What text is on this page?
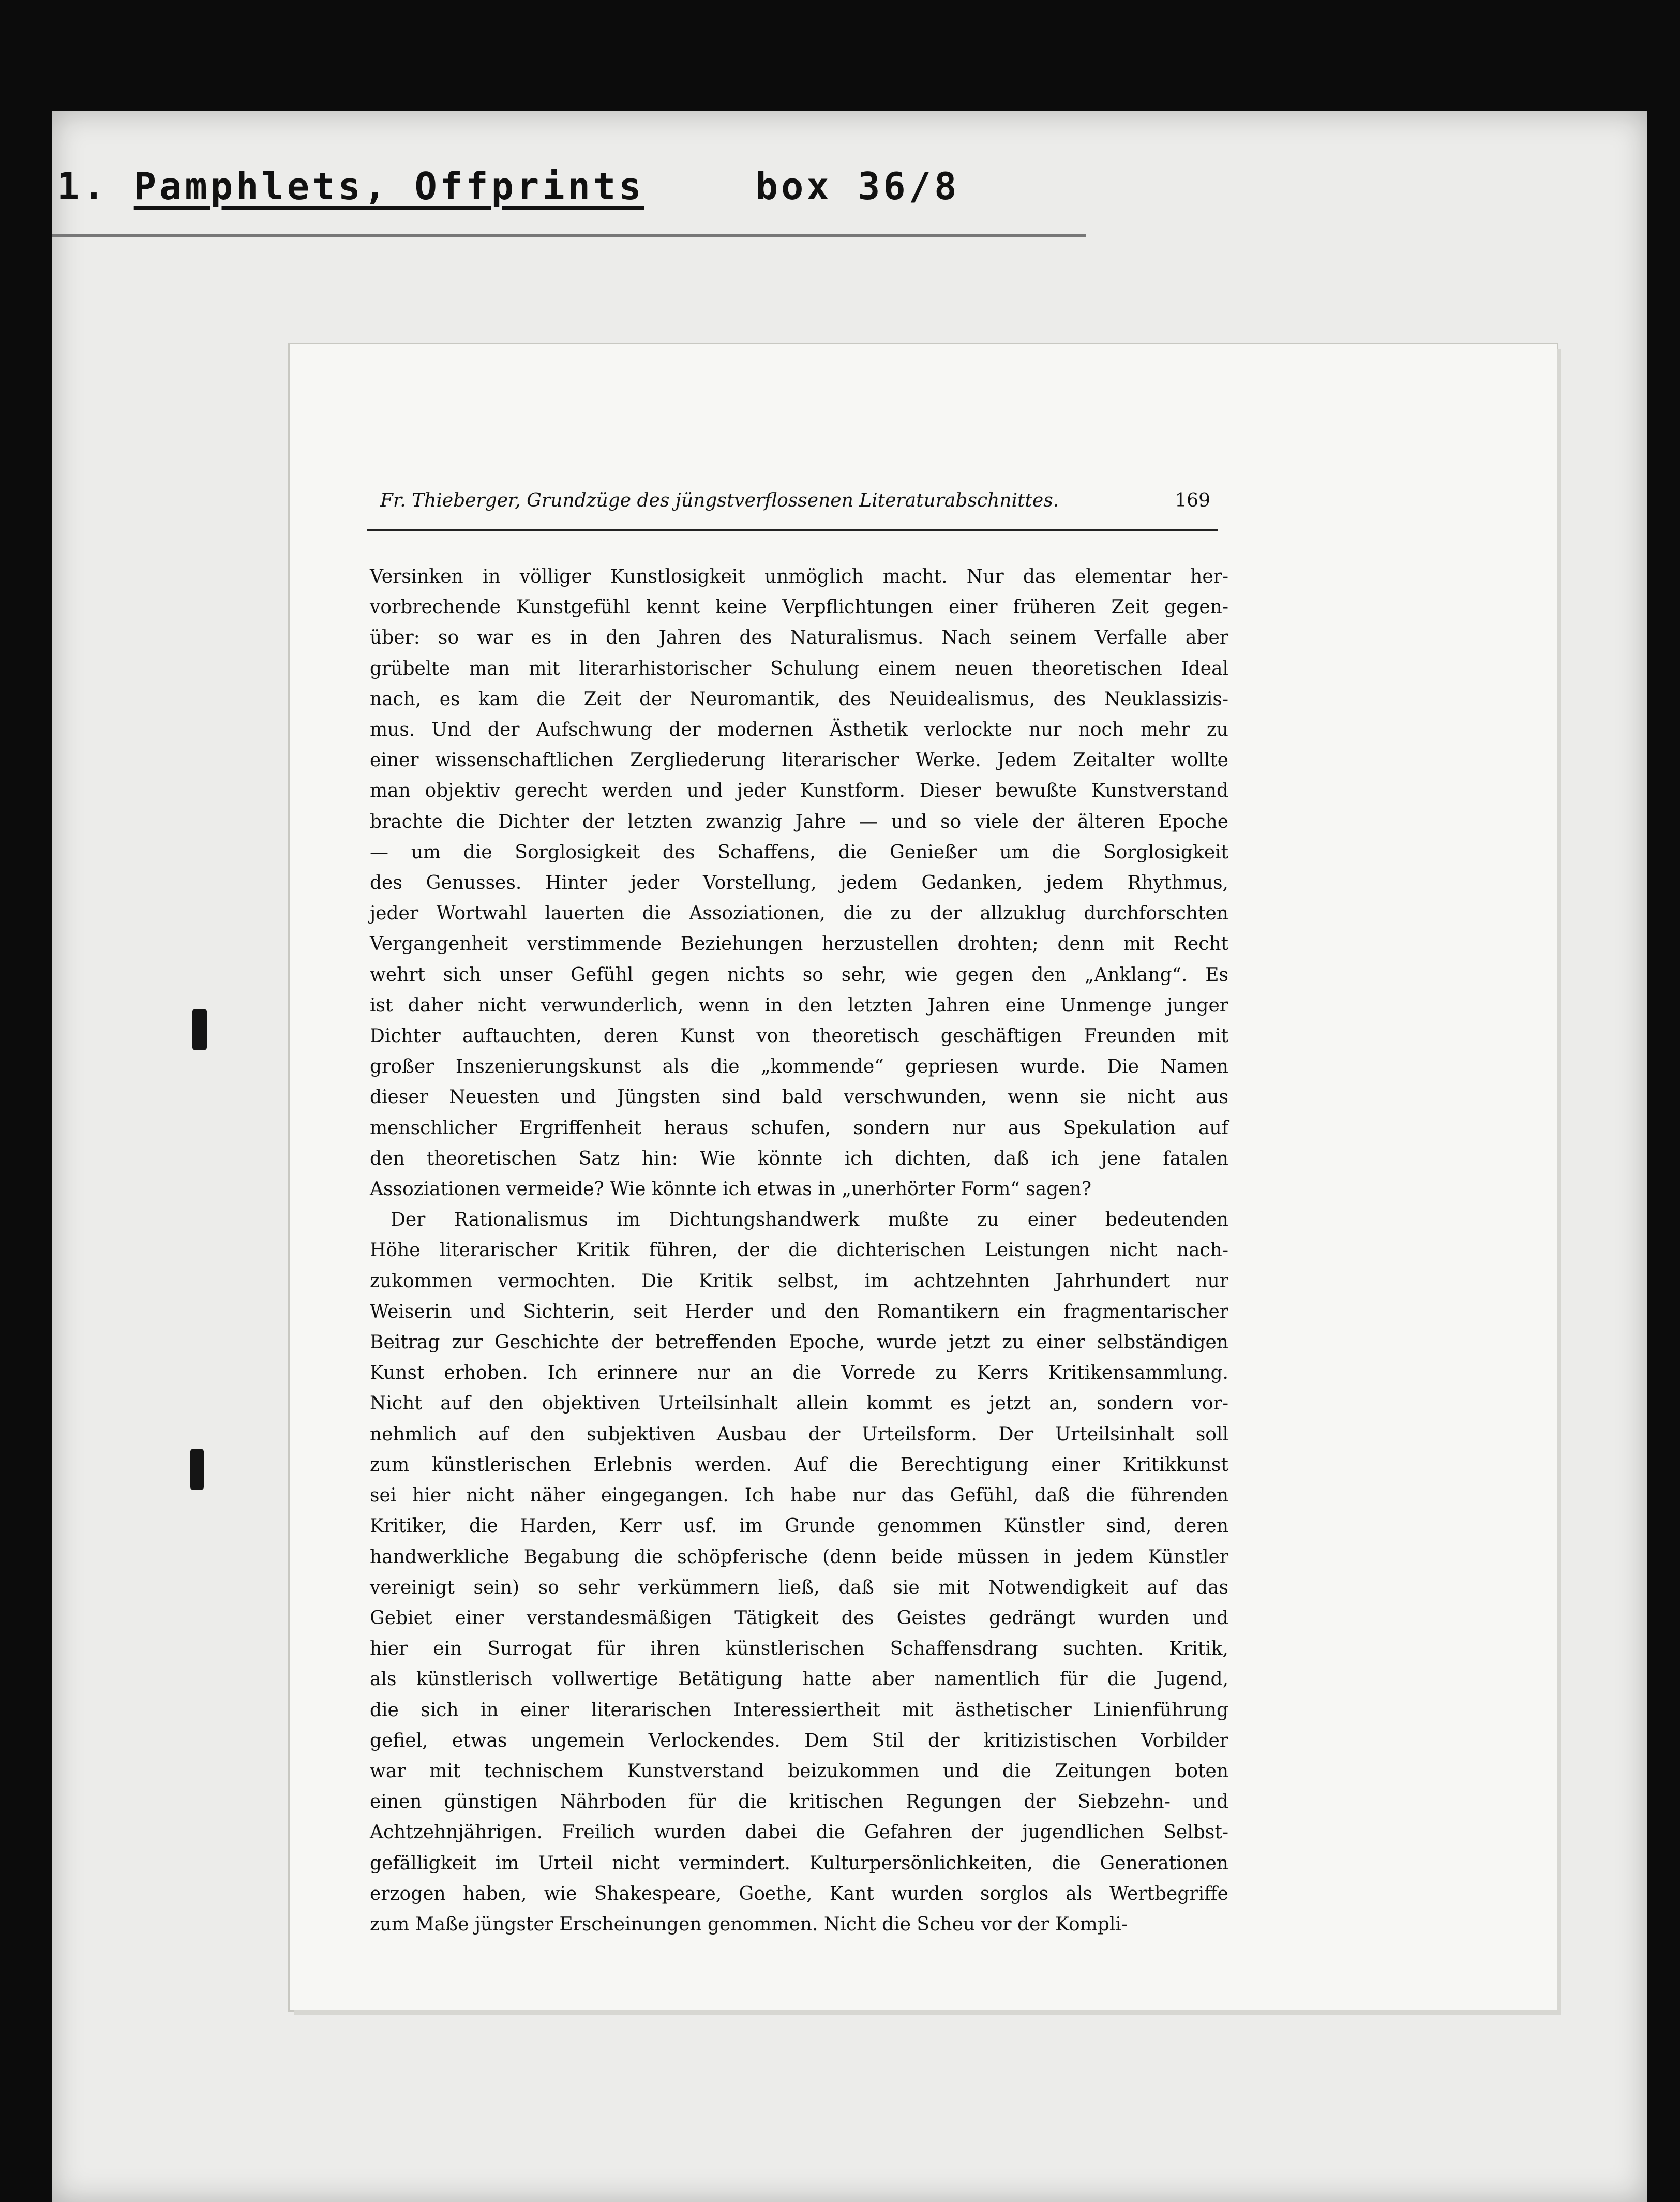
1. Pamphlets, Offprints	box 36/8
Fr. Thieberger, Grundzüge des jüngstverflossenen Literaturabschnittes.	169
Versinken in völliger Kunstlosigkeit unmöglich macht. Nur das elementar her-
vorbrechende Kunstgefühl kennt keine Verpflichtungen einer früheren Zeit gegen-
über: so war es in den Jahren des Naturalismus. Nach seinem Verfalle aber
grübelte man mit literarhistorischer Schulung einem neuen theoretischen Ideal
nach, es kam die Zeit der Neuromantik, des Neuidealismus, des Neuklassizis-
mus. Und der Aufschwung der modernen Ästhetik verlockte nur noch mehr zu
einer wissenschaftlichen Zergliederung literarischer Werke. Jedem Zeitalter wollte
man objektiv gerecht werden und jeder Kunstform. Dieser bewußte Kunstverstand
brachte die Dichter der letzten zwanzig Jahre — und so viele der älteren Epoche
— um die Sorglosigkeit des Schaffens, die Genießer um die Sorglosigkeit
des Genusses. Hinter jeder Vorstellung, jedem Gedanken, jedem Rhythmus,
jeder Wortwahl lauerten die Assoziationen, die zu der allzuklug durchforschten
Vergangenheit verstimmende Beziehungen herzustellen drohten; denn mit Recht
wehrt sich unser Gefühl gegen nichts so sehr, wie gegen den „Anklang“. Es
ist daher nicht verwunderlich, wenn in den letzten Jahren eine Unmenge junger
Dichter auftauchten, deren Kunst von theoretisch geschäftigen Freunden mit
großer Inszenierungskunst als die „kommende“ gepriesen wurde. Die Namen
dieser Neuesten und Jüngsten sind bald verschwunden, wenn sie nicht aus
menschlicher Ergriffenheit heraus schufen, sondern nur aus Spekulation auf
den theoretischen Satz hin: Wie könnte ich dichten, daß ich jene fatalen
Assoziationen vermeide? Wie könnte ich etwas in „unerhörter Form“ sagen?
Der Rationalismus im Dichtungshandwerk mußte zu einer bedeutenden
Höhe literarischer Kritik führen, der die dichterischen Leistungen nicht nach-
zukommen vermochten. Die Kritik selbst, im achtzehnten Jahrhundert nur
Weiserin und Sichterin, seit Herder und den Romantikern ein fragmentarischer
Beitrag zur Geschichte der betreffenden Epoche, wurde jetzt zu einer selbständigen
Kunst erhoben. Ich erinnere nur an die Vorrede zu Kerrs Kritikensammlung.
Nicht auf den objektiven Urteilsinhalt allein kommt es jetzt an, sondern vor-
nehmlich auf den subjektiven Ausbau der Urteilsform. Der Urteilsinhalt soll
zum künstlerischen Erlebnis werden. Auf die Berechtigung einer Kritikkunst
sei hier nicht näher eingegangen. Ich habe nur das Gefühl, daß die führenden
Kritiker, die Harden, Kerr usf. im Grunde genommen Künstler sind, deren
handwerkliche Begabung die schöpferische (denn beide müssen in jedem Künstler
vereinigt sein) so sehr verkümmern ließ, daß sie mit Notwendigkeit auf das
Gebiet einer verstandesmäßigen Tätigkeit des Geistes gedrängt wurden und
hier ein Surrogat für ihren künstlerischen Schaffensdrang suchten. Kritik,
als künstlerisch vollwertige Betätigung hatte aber namentlich für die Jugend,
die sich in einer literarischen Interessiertheit mit ästhetischer Linienführung
gefiel, etwas ungemein Verlockendes. Dem Stil der kritizistischen Vorbilder
war mit technischem Kunstverstand beizukommen und die Zeitungen boten
einen günstigen Nährboden für die kritischen Regungen der Siebzehn- und
Achtzehnjährigen. Freilich wurden dabei die Gefahren der jugendlichen Selbst-
gefälligkeit im Urteil nicht vermindert. Kulturpersönlichkeiten, die Generationen
erzogen haben, wie Shakespeare, Goethe, Kant wurden sorglos als Wertbegriffe
zum Maße jüngster Erscheinungen genommen. Nicht die Scheu vor der Kompli-
